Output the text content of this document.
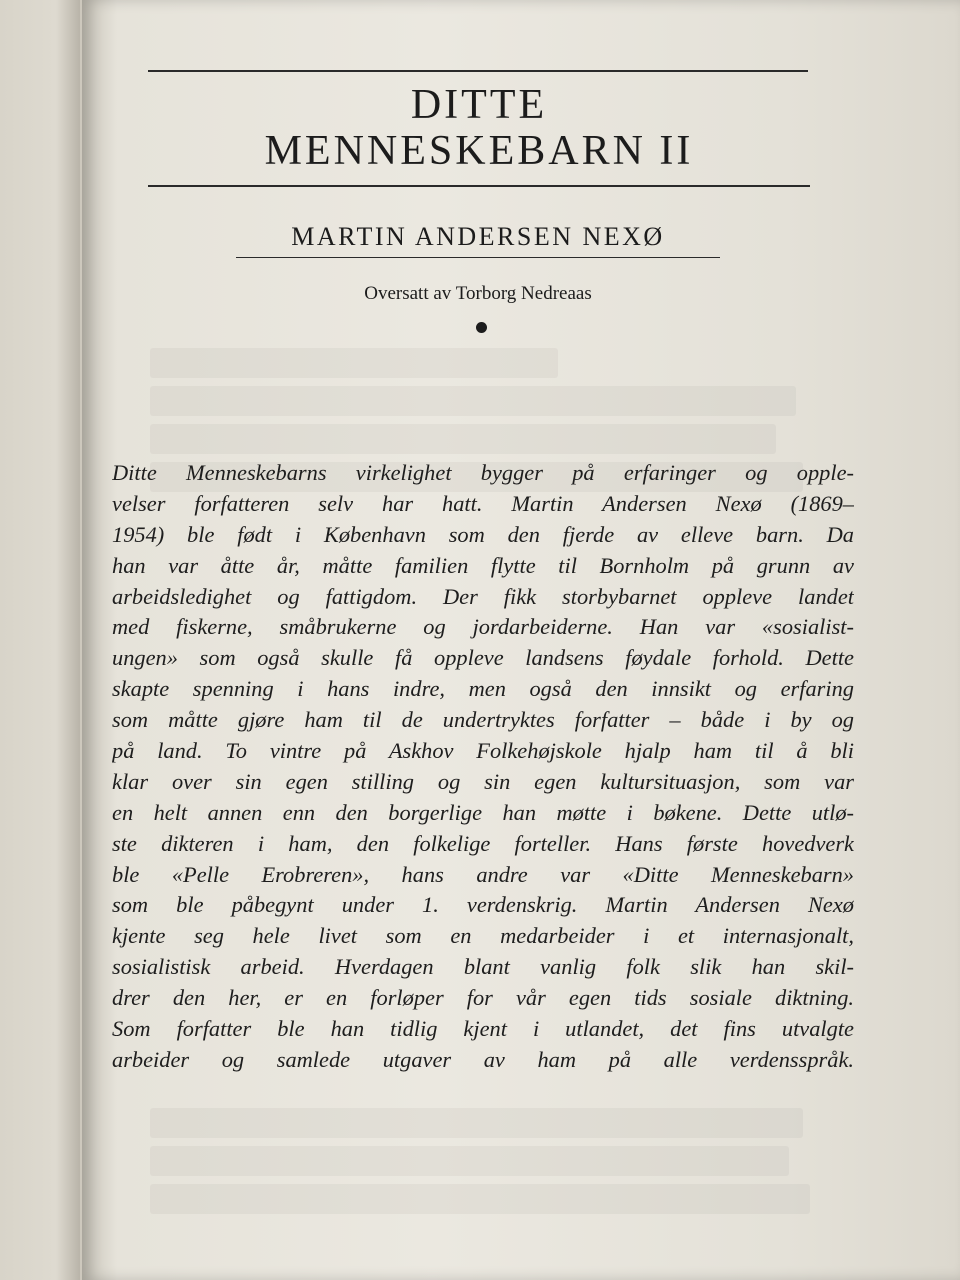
DITTE
MENNESKEBARN II
MARTIN ANDERSEN NEXØ
Oversatt av Torborg Nedreaas
Ditte Menneskebarns virkelighet bygger på erfaringer og opple-
velser forfatteren selv har hatt. Martin Andersen Nexø (1869–
1954) ble født i København som den fjerde av elleve barn. Da
han var åtte år, måtte familien flytte til Bornholm på grunn av
arbeidsledighet og fattigdom. Der fikk storbybarnet oppleve landet
med fiskerne, småbrukerne og jordarbeiderne. Han var «sosialist-
ungen» som også skulle få oppleve landsens føydale forhold. Dette
skapte spenning i hans indre, men også den innsikt og erfaring
som måtte gjøre ham til de undertryktes forfatter – både i by og
på land. To vintre på Askhov Folkehøjskole hjalp ham til å bli
klar over sin egen stilling og sin egen kultursituasjon, som var
en helt annen enn den borgerlige han møtte i bøkene. Dette utlø-
ste dikteren i ham, den folkelige forteller. Hans første hovedverk
ble «Pelle Erobreren», hans andre var «Ditte Menneskebarn»
som ble påbegynt under 1. verdenskrig. Martin Andersen Nexø
kjente seg hele livet som en medarbeider i et internasjonalt,
sosialistisk arbeid. Hverdagen blant vanlig folk slik han skil-
drer den her, er en forløper for vår egen tids sosiale diktning.
Som forfatter ble han tidlig kjent i utlandet, det fins utvalgte
arbeider og samlede utgaver av ham på alle verdensspråk.
